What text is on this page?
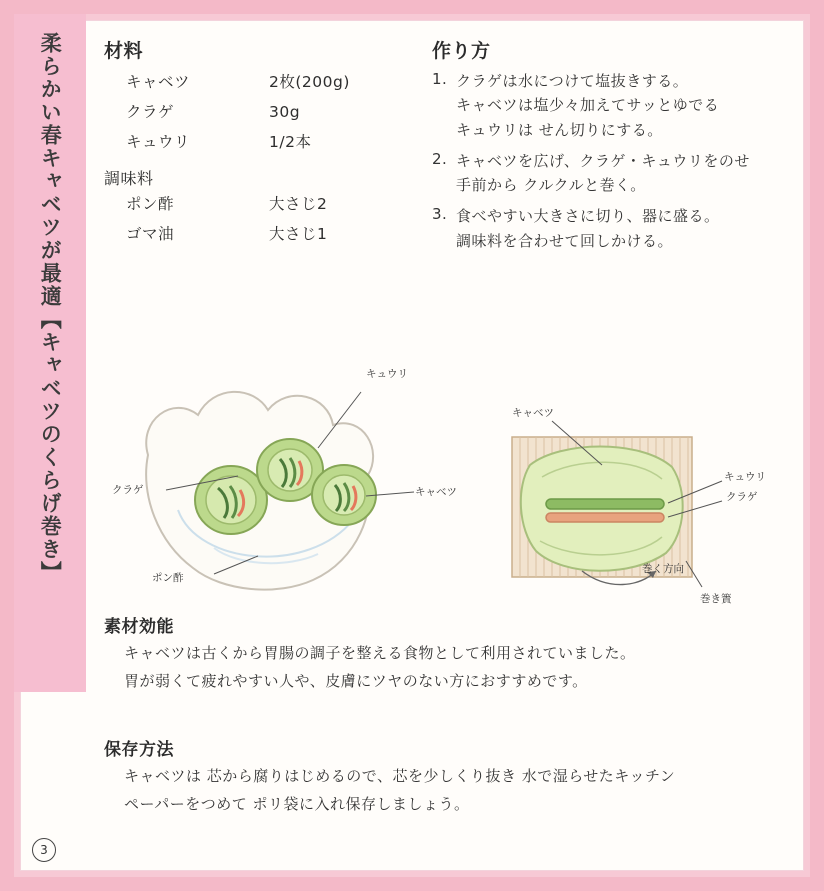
柔らかい春キャベツが最適【キャベツのくらげ巻き】 材料
キャベツ	2枚(200g)
クラゲ	30g
キュウリ	1/2本
調味料
ポン酢	大さじ2
ゴマ油	大さじ1
作り方
1. クラゲは水につけて塩抜きする。
キャベツは塩少々加えてサッとゆでる
キュウリは せん切りにする。
2. キャベツを広げ、クラゲ・キュウリをのせ
手前から クルクルと巻く。
3. 食べやすい大きさに切り、器に盛る。
調味料を合わせて回しかける。
キュウリ
クラゲ	キャベツ
ポン酢
キャベツ
キュウリ
クラゲ
巻く方向
巻き簀
素材効能
キャベツは古くから胃腸の調子を整える食物として利用されていました。
胃が弱くて疲れやすい人や、皮膚にツヤのない方におすすめです。
保存方法
キャベツは 芯から腐りはじめるので、芯を少しくり抜き 水で湿らせたキッチン
ペーパーをつめて ポリ袋に入れ保存しましょう。
3
